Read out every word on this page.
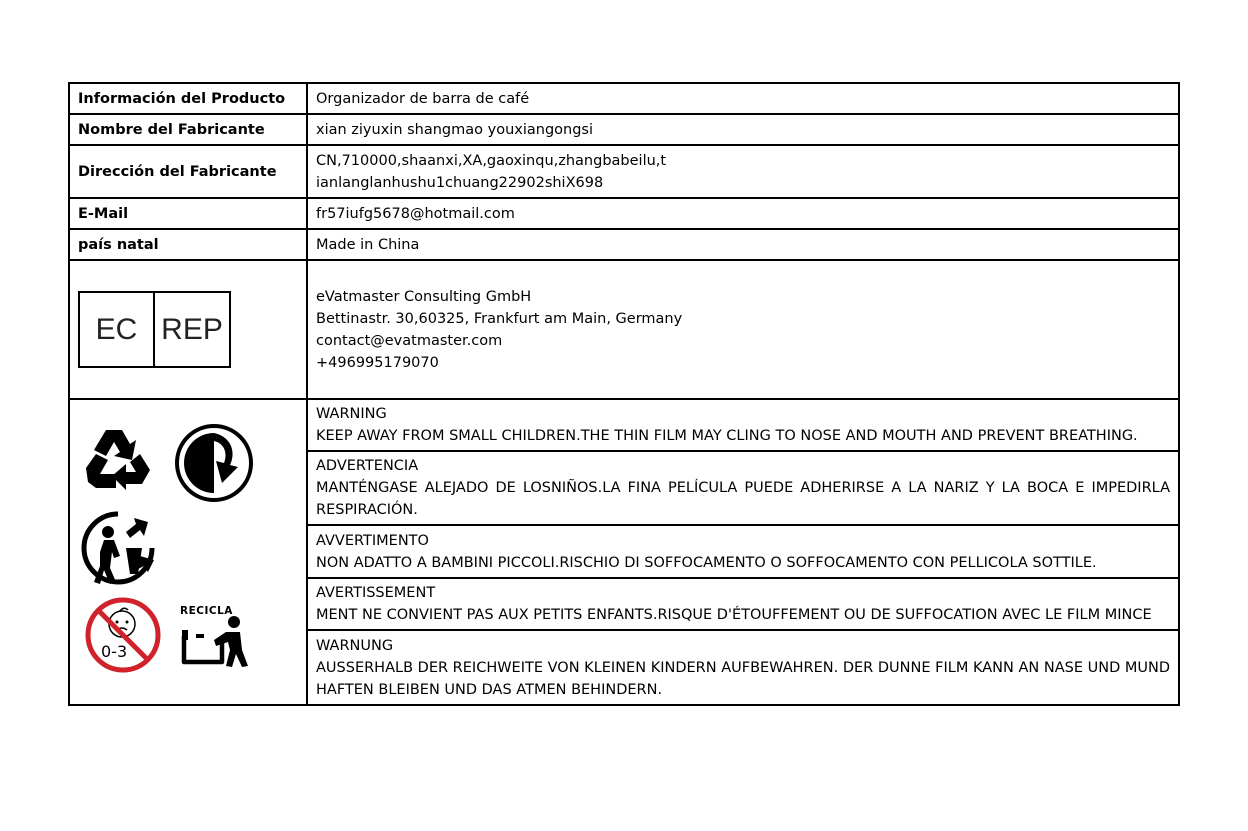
Información del Producto	Organizador de barra de café
Nombre del Fabricante	xian ziyuxin shangmao youxiangongsi
Dirección del Fabricante	CN,710000,shaanxi,XA,gaoxinqu,zhangbabeilu,t
ianlanglanhushu1chuang22902shiX698

E-Mail	fr57iufg5678@hotmail.com
país natal	Made in China

EC REP	eVatmaster Consulting GmbH
Bettinastr. 30,60325, Frankfurt am Main, Germany
contact@evatmaster.com
+496995179070

0-3
RECICLA	WARNING
KEEP AWAY FROM SMALL CHILDREN.THE THIN FILM MAY CLING TO NOSE AND MOUTH AND PREVENT BREATHING.

	ADVERTENCIA
MANTÉNGASE ALEJADO DE LOSNIÑOS.LA FINA PELÍCULA PUEDE ADHERIRSE A LA NARIZ Y LA BOCA E IMPEDIRLA RESPIRACIÓN.

	AVVERTIMENTO
NON ADATTO A BAMBINI PICCOLI.RISCHIO DI SOFFOCAMENTO O SOFFOCAMENTO CON PELLICOLA SOTTILE.

	AVERTISSEMENT
MENT NE CONVIENT PAS AUX PETITS ENFANTS.RISQUE D'ÉTOUFFEMENT OU DE SUFFOCATION AVEC LE FILM MINCE

	WARNUNG
AUSSERHALB DER REICHWEITE VON KLEINEN KINDERN AUFBEWAHREN. DER DUNNE FILM KANN AN NASE UND MUND HAFTEN BLEIBEN UND DAS ATMEN BEHINDERN.
